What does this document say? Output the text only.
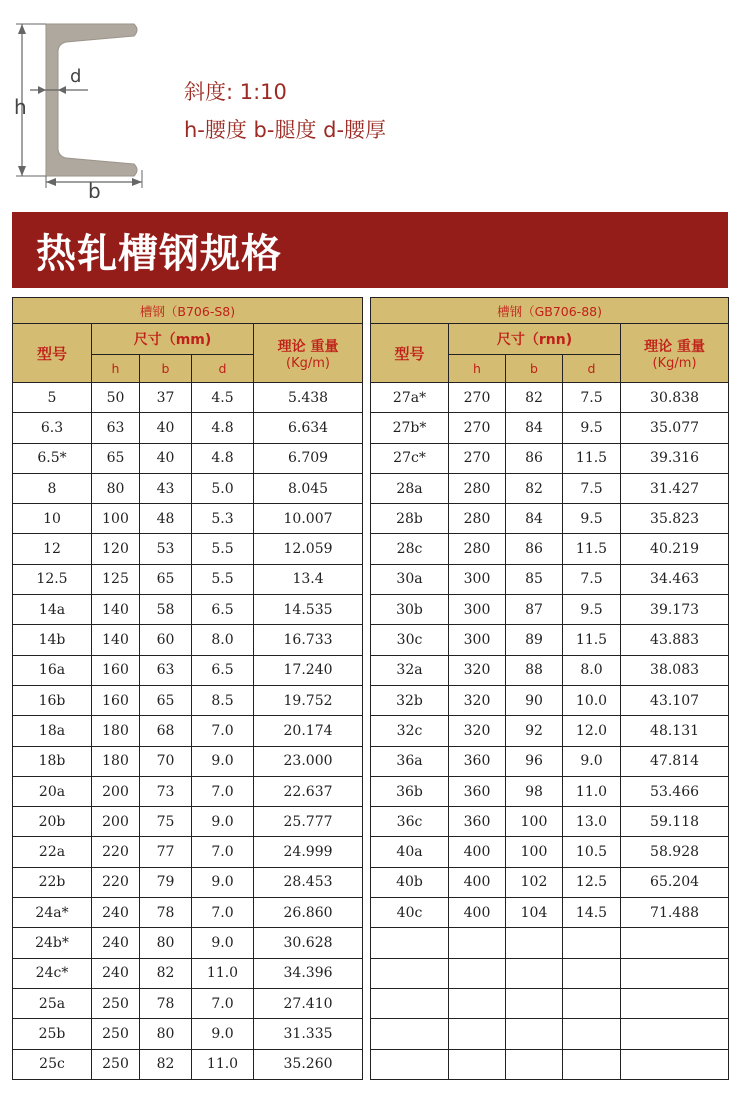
h
d
b
斜度: 1:10
h-腰度 b-腿度 d-腰厚
热轧槽钢规格
槽钢（B706-S8)				
型号	尺寸（mm)			理论 重量
(Kg/m)

	h	b	d	
5	50	37	4.5	5.438
6.3	63	40	4.8	6.634
6.5*	65	40	4.8	6.709
8	80	43	5.0	8.045
10	100	48	5.3	10.007
12	120	53	5.5	12.059
12.5	125	65	5.5	13.4
14a	140	58	6.5	14.535
14b	140	60	8.0	16.733
16a	160	63	6.5	17.240
16b	160	65	8.5	19.752
18a	180	68	7.0	20.174
18b	180	70	9.0	23.000
20a	200	73	7.0	22.637
20b	200	75	9.0	25.777
22a	220	77	7.0	24.999
22b	220	79	9.0	28.453
24a*	240	78	7.0	26.860
24b*	240	80	9.0	30.628
24c*	240	82	11.0	34.396
25a	250	78	7.0	27.410
25b	250	80	9.0	31.335
25c	250	82	11.0	35.260
槽钢（GB706-88)				
型号	尺寸（rnn)			理论 重量
(Kg/m)

	h	b	d	
27a*	270	82	7.5	30.838
27b*	270	84	9.5	35.077
27c*	270	86	11.5	39.316
28a	280	82	7.5	31.427
28b	280	84	9.5	35.823
28c	280	86	11.5	40.219
30a	300	85	7.5	34.463
30b	300	87	9.5	39.173
30c	300	89	11.5	43.883
32a	320	88	8.0	38.083
32b	320	90	10.0	43.107
32c	320	92	12.0	48.131
36a	360	96	9.0	47.814
36b	360	98	11.0	53.466
36c	360	100	13.0	59.118
40a	400	100	10.5	58.928
40b	400	102	12.5	65.204
40c	400	104	14.5	71.488
